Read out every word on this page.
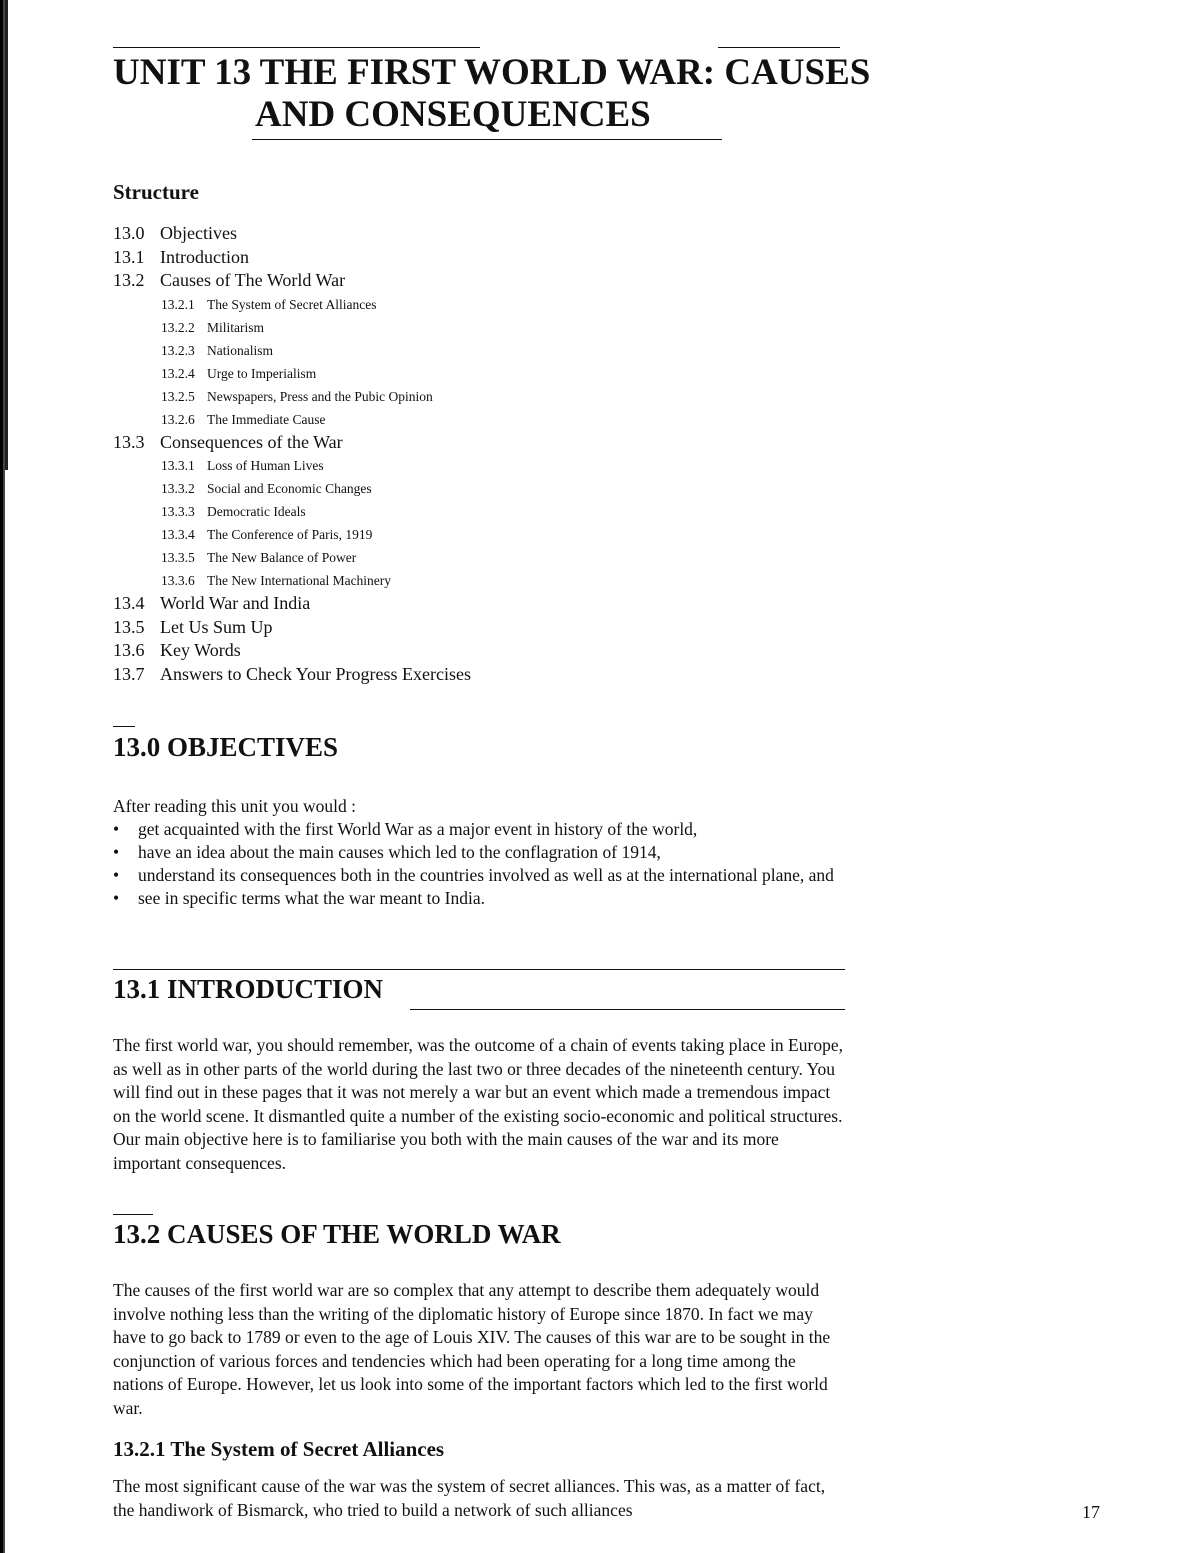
UNIT 13 THE FIRST WORLD WAR: CAUSES
AND CONSEQUENCES
Structure
13.0 Objectives
13.1 Introduction
13.2 Causes of The World War
13.2.1 The System of Secret Alliances
13.2.2 Militarism
13.2.3 Nationalism
13.2.4 Urge to Imperialism
13.2.5 Newspapers, Press and the Pubic Opinion
13.2.6 The Immediate Cause
13.3 Consequences of the War
13.3.1 Loss of Human Lives
13.3.2 Social and Economic Changes
13.3.3 Democratic Ideals
13.3.4 The Conference of Paris, 1919
13.3.5 The New Balance of Power
13.3.6 The New International Machinery
13.4 World War and India
13.5 Let Us Sum Up
13.6 Key Words
13.7 Answers to Check Your Progress Exercises
13.0 OBJECTIVES

After reading this unit you would :

• get acquainted with the first World War as a major event in history of the world,
• have an idea about the main causes which led to the conflagration of 1914,
• understand its consequences both in the countries involved as well as at the international plane, and
• see in specific terms what the war meant to India.
13.1 INTRODUCTION

The first world war, you should remember, was the outcome of a chain of events taking place in Europe, as well as in other parts of the world during the last two or three decades of the nineteenth century. You will find out in these pages that it was not merely a war but an event which made a tremendous impact on the world scene. It dismantled quite a number of the existing socio-economic and political structures. Our main objective here is to familiarise you both with the main causes of the war and its more important consequences.

13.2 CAUSES OF THE WORLD WAR

The causes of the first world war are so complex that any attempt to describe them adequately would involve nothing less than the writing of the diplomatic history of Europe since 1870. In fact we may have to go back to 1789 or even to the age of Louis XIV. The causes of this war are to be sought in the conjunction of various forces and tendencies which had been operating for a long time among the nations of Europe. However, let us look into some of the important factors which led to the first world war.

13.2.1 The System of Secret Alliances

The most significant cause of the war was the system of secret alliances. This was, as a matter of fact, the handiwork of Bismarck, who tried to build a network of such alliances	17
